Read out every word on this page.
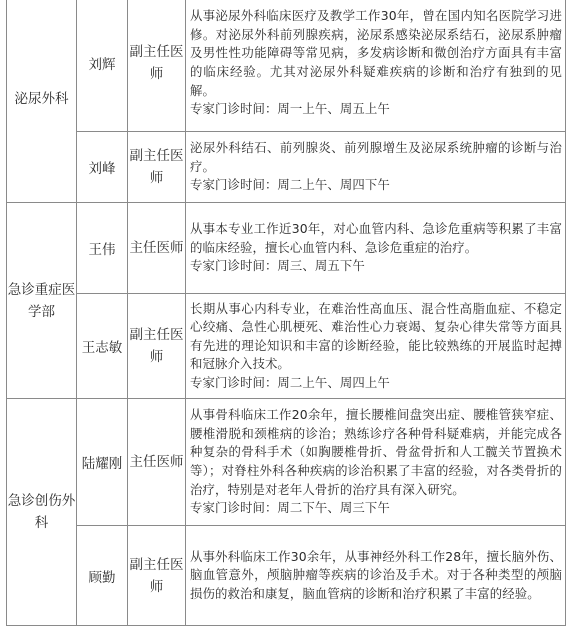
泌尿外科	刘辉	副主任医师	从事泌尿外科临床医疗及教学工作30年，曾在国内知名医院学习进修。对泌尿外科前列腺疾病，泌尿系感染泌尿系结石，泌尿系肿瘤及男性性功能障碍等常见病，多发病诊断和微创治疗方面具有丰富的临床经验。尤其对泌尿外科疑难疾病的诊断和治疗有独到的见解。

专家门诊时间：周一上午、周五上午

	刘峰	副主任医师	泌尿外科结石、前列腺炎、前列腺增生及泌尿系统肿瘤的诊断与治疗。

专家门诊时间：周二上午、周四下午

急诊重症医学部	王伟	主任医师	从事本专业工作近30年，对心血管内科、急诊危重病等积累了丰富的临床经验，擅长心血管内科、急诊危重症的治疗。

专家门诊时间：周三、周五下午

	王志敏	副主任医师	长期从事心内科专业，在难治性高血压、混合性高脂血症、不稳定心绞痛、急性心肌梗死、难治性心力衰竭、复杂心律失常等方面具有先进的理论知识和丰富的诊断经验，能比较熟练的开展监时起搏和冠脉介入技术。

专家门诊时间：周二上午、周四上午

急诊创伤外科	陆耀刚	主任医师	从事骨科临床工作20余年，擅长腰椎间盘突出症、腰椎管狭窄症、腰椎滑脱和颈椎病的诊治；熟练诊疗各种骨科疑难病，并能完成各种复杂的骨科手术（如胸腰椎骨折、骨盆骨折和人工髋关节置换术等）；对脊柱外科各种疾病的诊治积累了丰富的经验，对各类骨折的治疗，特别是对老年人骨折的治疗具有深入研究。

专家门诊时间：周二下午、周三下午

	顾勤	副主任医师	从事外科临床工作30余年，从事神经外科工作28年，擅长脑外伤、脑血管意外，颅脑肿瘤等疾病的诊治及手术。对于各种类型的颅脑损伤的救治和康复，脑血管病的诊断和治疗积累了丰富的经验。
